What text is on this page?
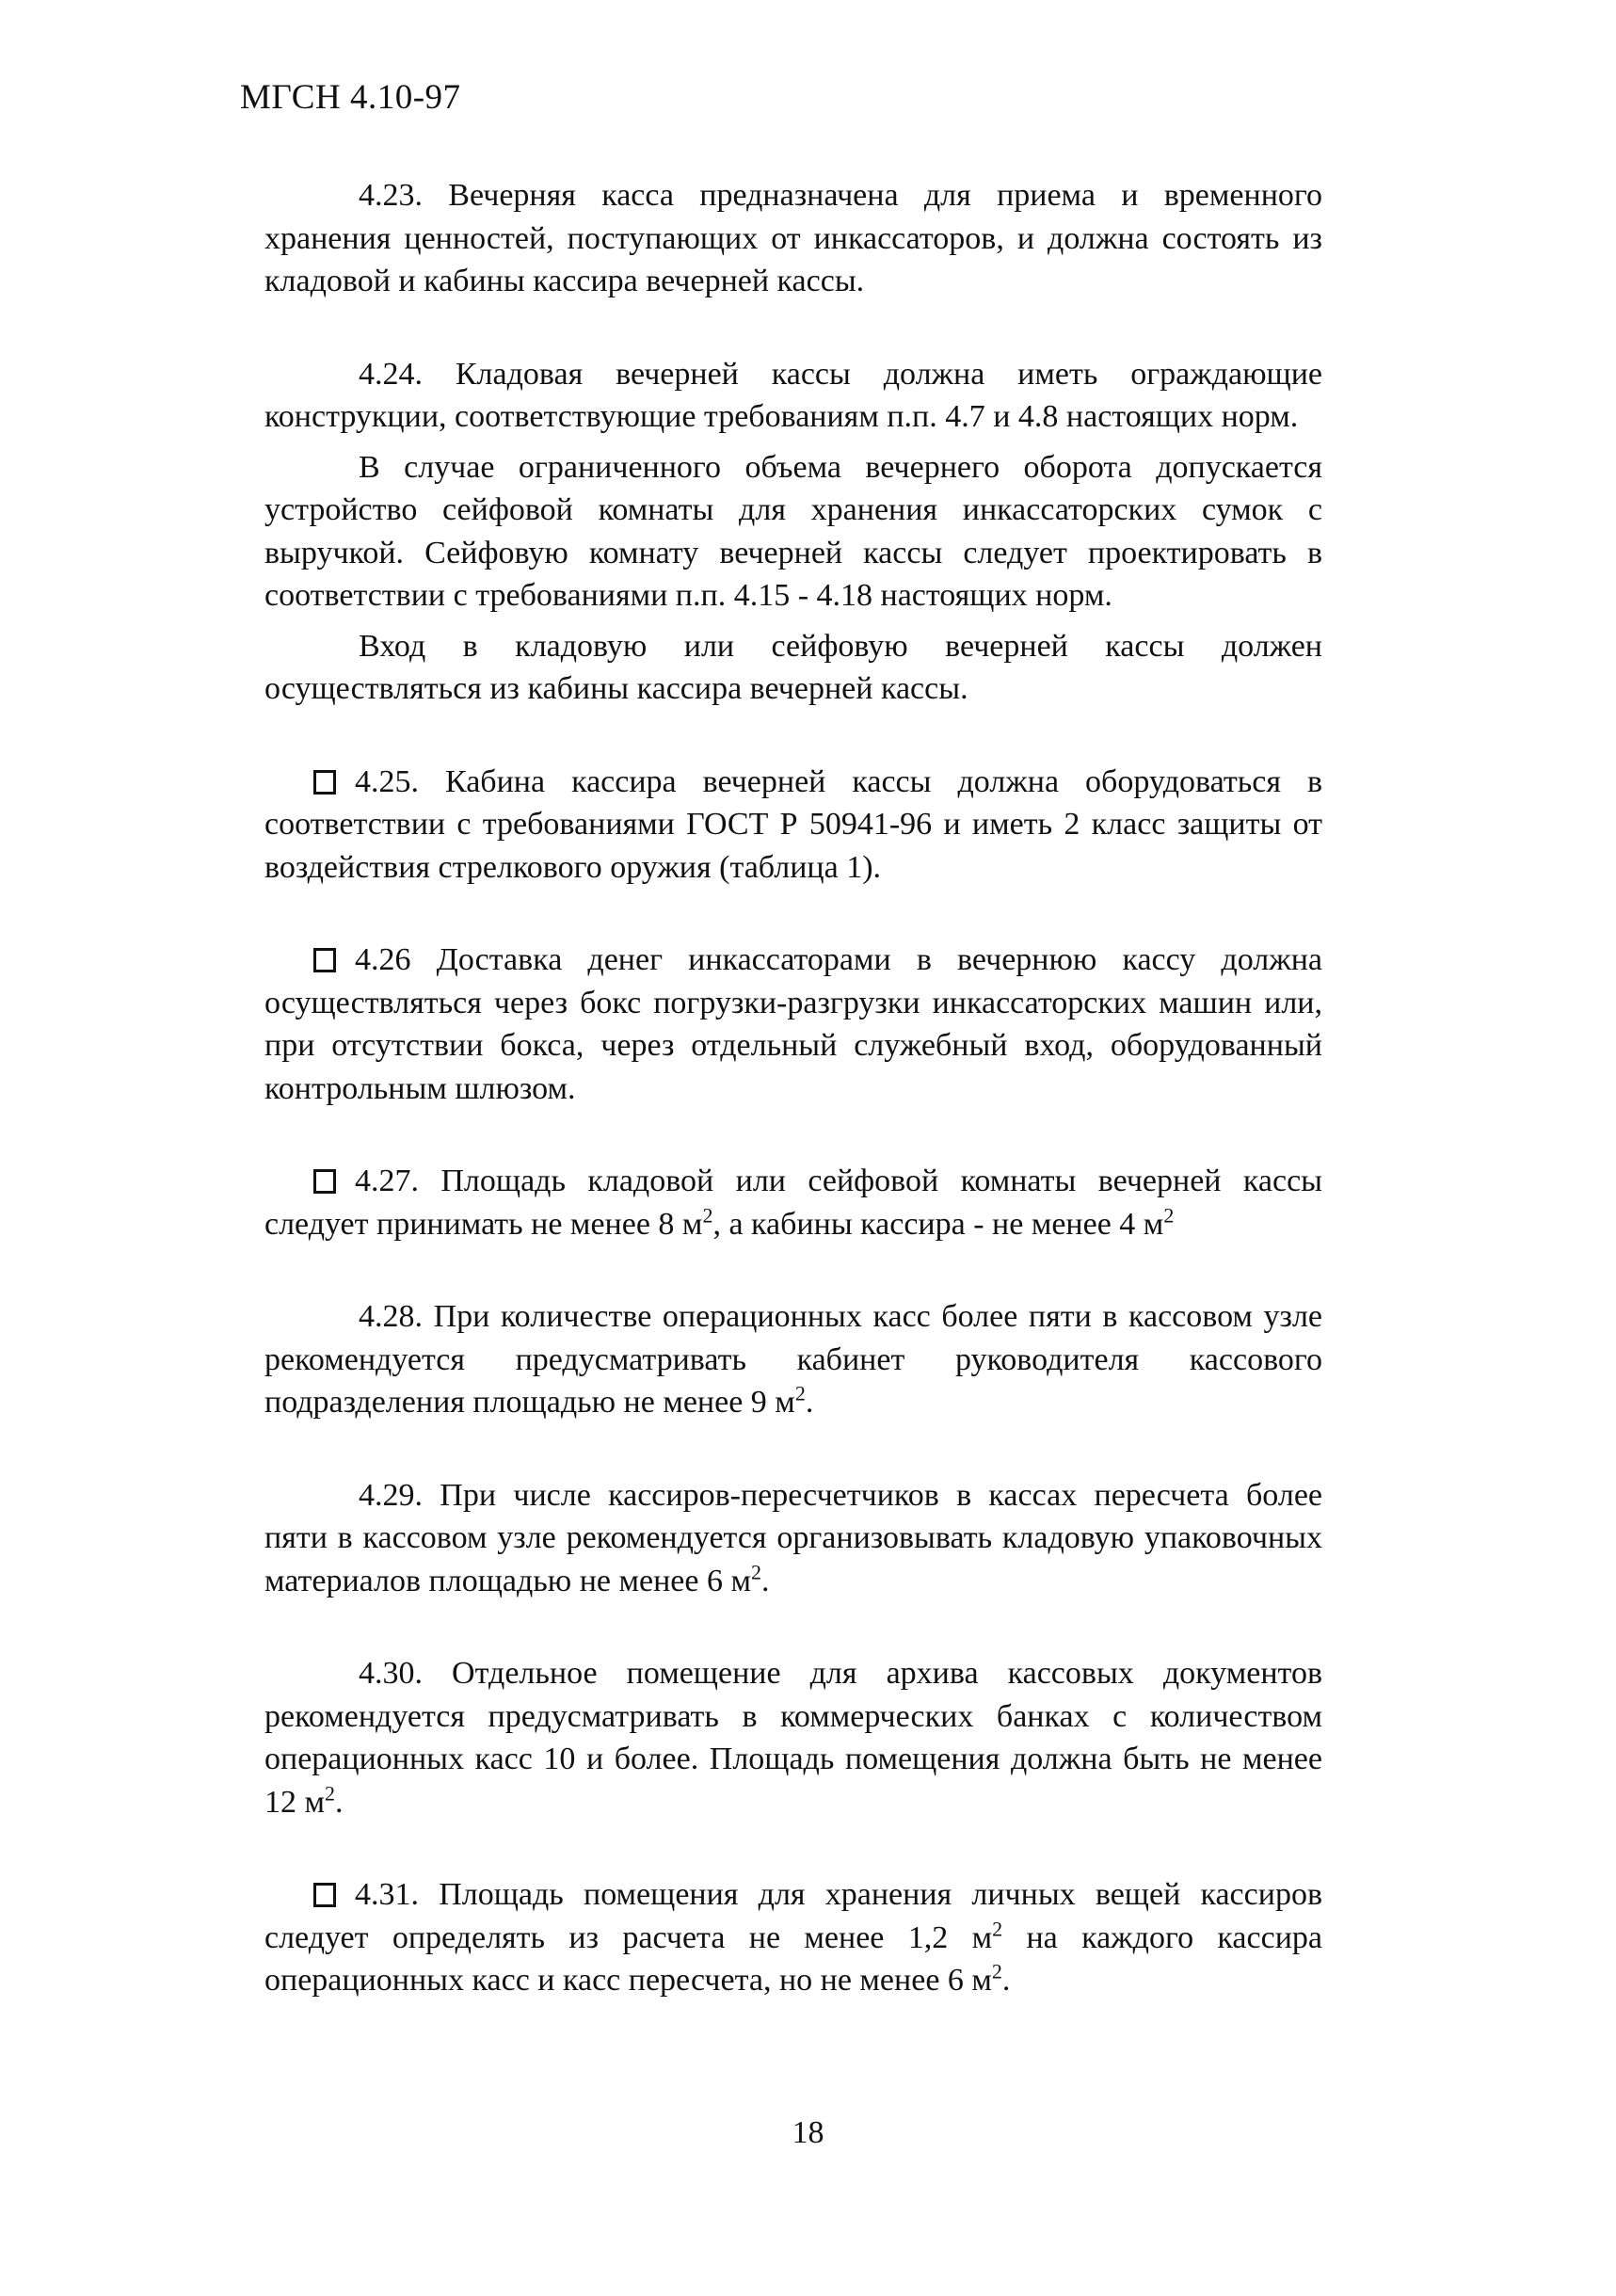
МГСН 4.10-97

4.23. Вечерняя касса предназначена для приема и временного хранения ценностей, поступающих от инкассаторов, и должна состоять из кладовой и кабины кассира вечерней кассы.

4.24. Кладовая вечерней кассы должна иметь ограждающие конструкции, соответствующие требованиям п.п. 4.7 и 4.8 настоящих норм.

В случае ограниченного объема вечернего оборота допускается устройство сейфовой комнаты для хранения инкассаторских сумок с выручкой. Сейфовую комнату вечерней кассы следует проектировать в соответствии с требованиями п.п. 4.15 - 4.18 настоящих норм.

Вход в кладовую или сейфовую вечерней кассы должен осуществляться из кабины кассира вечерней кассы.

4.25. Кабина кассира вечерней кассы должна оборудоваться в соответствии с требованиями ГОСТ Р 50941-96 и иметь 2 класс защиты от воздействия стрелкового оружия (таблица 1).

4.26 Доставка денег инкассаторами в вечернюю кассу должна осуществляться через бокс погрузки-разгрузки инкассаторских машин или, при отсутствии бокса, через отдельный служебный вход, оборудованный контрольным шлюзом.

4.27. Площадь кладовой или сейфовой комнаты вечерней кассы следует принимать не менее 8 $м^2$, а кабины кассира - не менее 4 $м^2$

4.28. При количестве операционных касс более пяти в кассовом узле рекомендуется предусматривать кабинет руководителя кассового подразделения площадью не менее 9 $м^2$.

4.29. При числе кассиров-пересчетчиков в кассах пересчета более пяти в кассовом узле рекомендуется организовывать кладовую упаковочных материалов площадью не менее 6 $м^2$.

4.30. Отдельное помещение для архива кассовых документов рекомендуется предусматривать в коммерческих банках с количеством операционных касс 10 и более. Площадь помещения должна быть не менее 12 $м^2$.

4.31. Площадь помещения для хранения личных вещей кассиров следует определять из расчета не менее 1,2 $м^2$ на каждого кассира операционных касс и касс пересчета, но не менее 6 $м^2$.

18
